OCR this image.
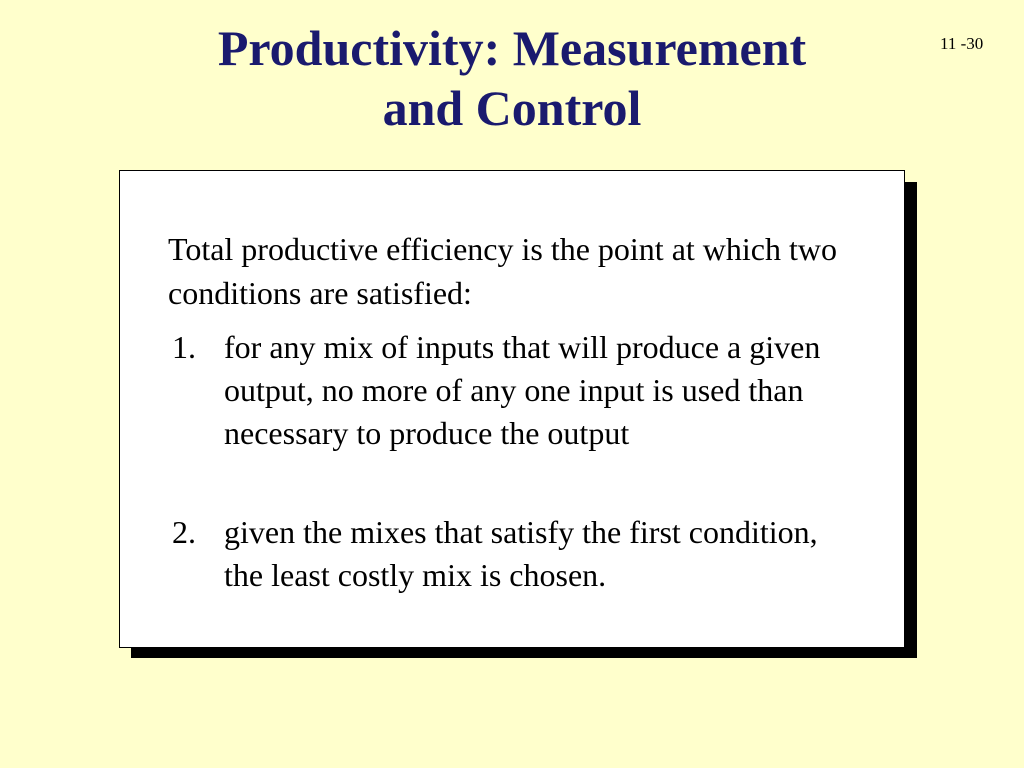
Productivity: Measurement
and Control
11 -30

Total productive efficiency is the point at which two conditions are satisfied:

1. for any mix of inputs that will produce a given output, no more of any one input is used than necessary to produce the output
2. given the mixes that satisfy the first condition, the least costly mix is chosen.
